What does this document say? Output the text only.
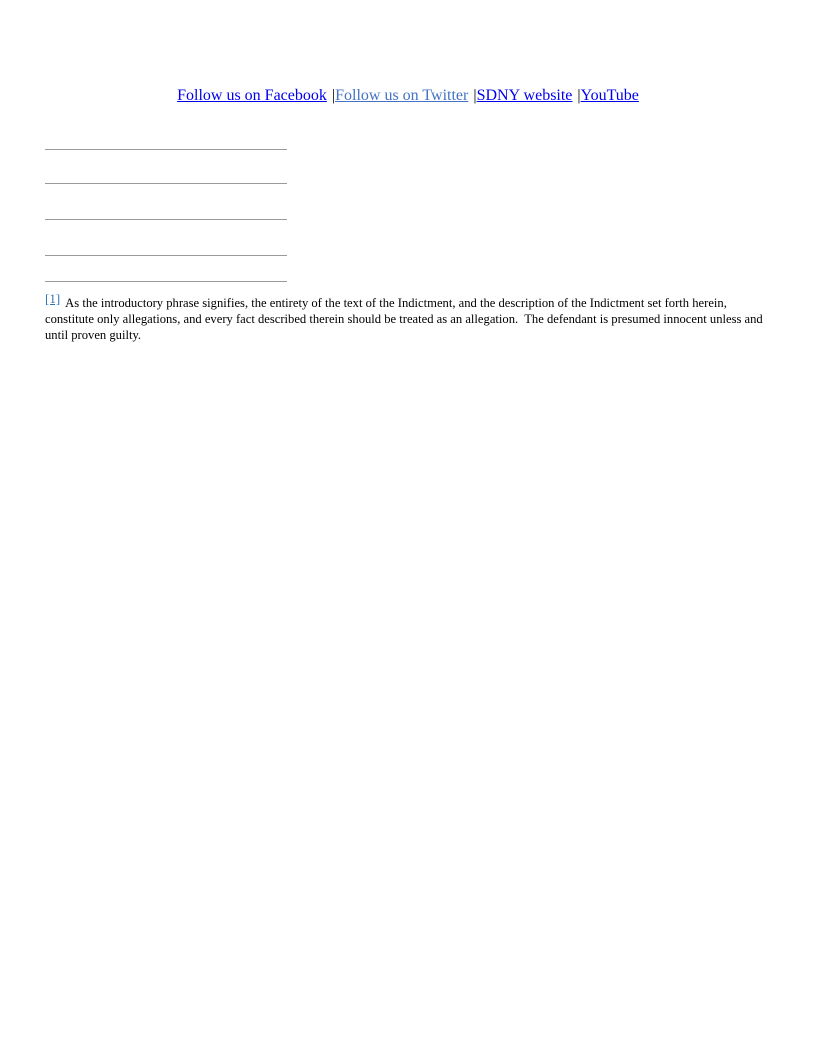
Follow us on Facebook |Follow us on Twitter |SDNY website |YouTube

[1] As the introductory phrase signifies, the entirety of the text of the Indictment, and the description of the Indictment set forth herein, constitute only allegations, and every fact described therein should be treated as an allegation.  The defendant is presumed innocent unless and until proven guilty.
